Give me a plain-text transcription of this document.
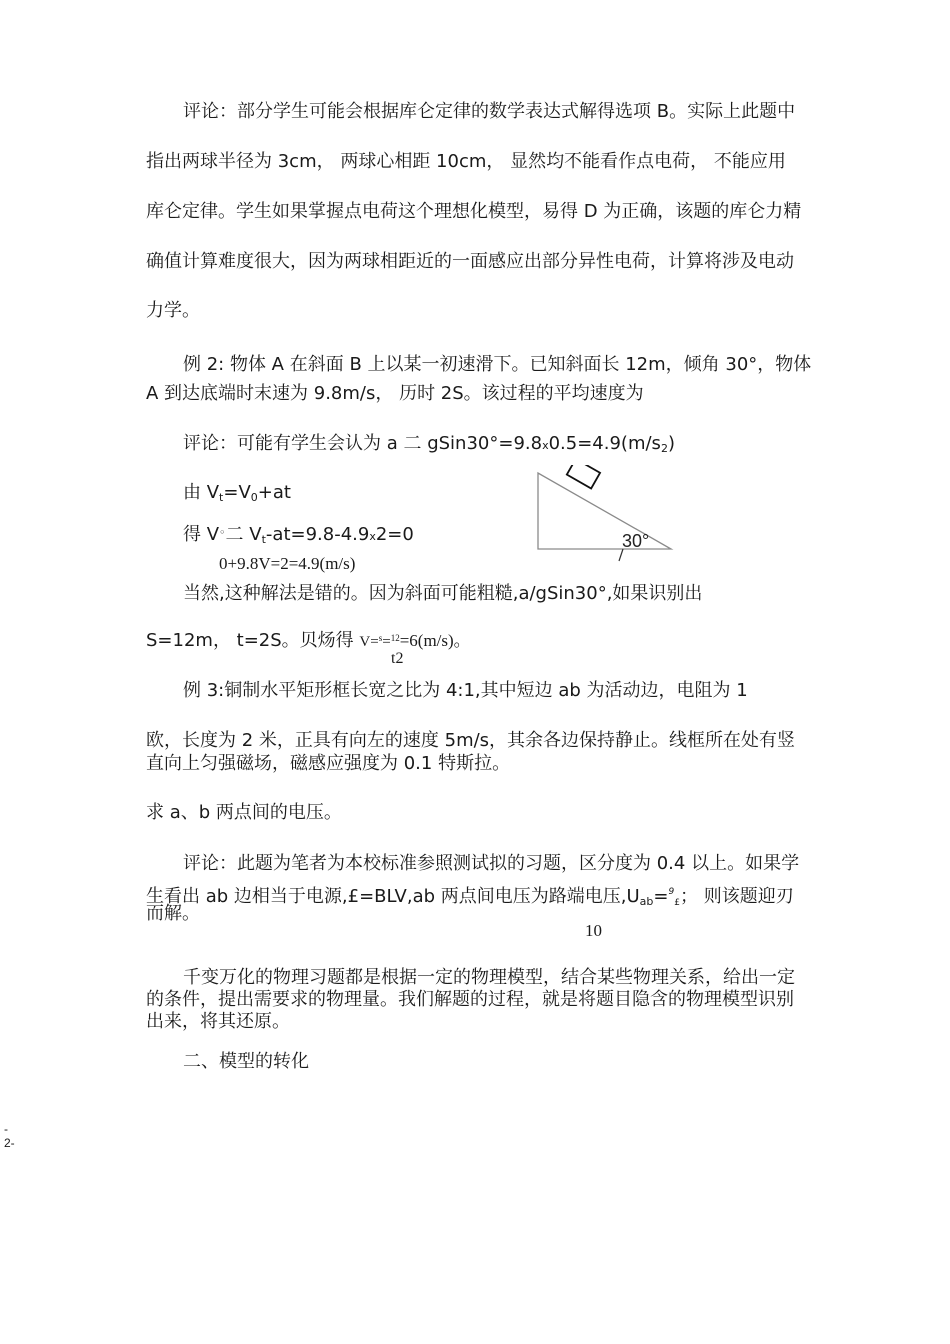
评论：部分学生可能会根据库仑定律的数学表达式解得选项 B。实际上此题中
指出两球半径为 3cm， 两球心相距 10cm， 显然均不能看作点电荷， 不能应用
库仑定律。学生如果掌握点电荷这个理想化模型，易得 D 为正确，该题的库仑力精
确值计算难度很大，因为两球相距近的一面感应出部分异性电荷，计算将涉及电动
力学。
例 2: 物体 A 在斜面 B 上以某一初速滑下。已知斜面长 12m，倾角 30°，物体
A 到达底端时末速为 9.8m/s， 历时 2S。该过程的平均速度为
评论：可能有学生会认为 a 二 $gSin30^\circ=9.8x0.5=4.9(m/s_2)$
由 $V_t=V_0+at$
得 V◦二 $V_t-at=9.8-4.9x2=0$
0+9.8V=2=4.9(m/s)
当然,这种解法是错的。因为斜面可能粗糙,a/gSin30°,如果识别出
S=12m， t=2S。贝炀得 V=$^s$=$^{12}$=6(m/s)。
t2
30°
例 3:铜制水平矩形框长宽之比为 4:1,其中短边 ab 为活动边，电阻为 1
欧，长度为 2 米，正具有向左的速度 5m/s，其余各边保持静止。线框所在处有竖
直向上匀强磁场，磁感应强度为 0.1 特斯拉。
求 a、b 两点间的电压。
评论：此题为笔者为本校标准参照测试拟的习题，区分度为 0.4 以上。如果学
生看出 ab 边相当于电源,£=BLV,ab 两点间电压为路端电压$,U_{ab}=^9_£$； 则该题迎刃
而解。
10
千变万化的物理习题都是根据一定的物理模型，结合某些物理关系，给出一定
的条件，提出需要求的物理量。我们解题的过程，就是将题目隐含的物理模型识别
出来，将其还原。
二、模型的转化
-
2-
